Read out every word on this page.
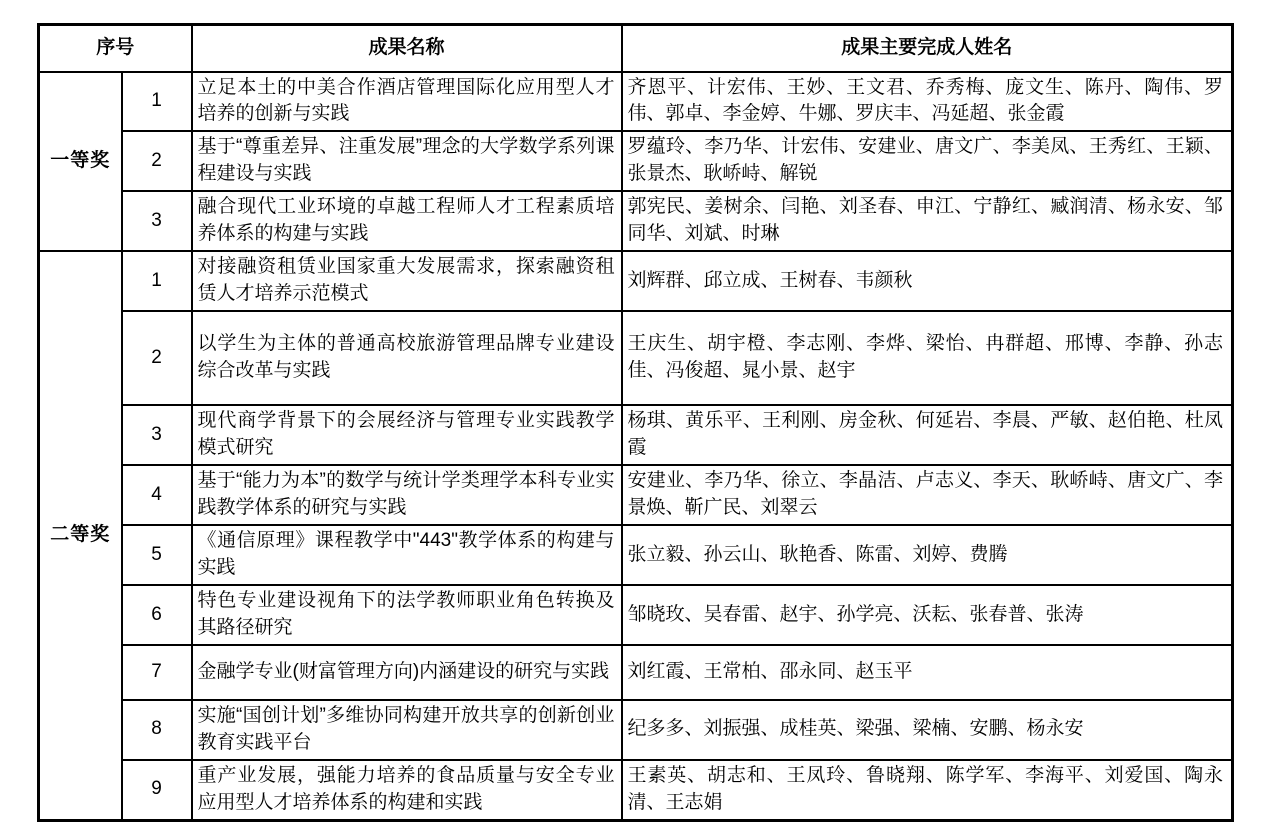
序号		成果名称	成果主要完成人姓名
一等奖	1	立足本土的中美合作酒店管理国际化应用型人才培养的创新与实践	齐恩平、计宏伟、王妙、王文君、乔秀梅、庞文生、陈丹、陶伟、罗伟、郭卓、李金婷、牛娜、罗庆丰、冯延超、张金霞
	2	基于“尊重差异、注重发展”理念的大学数学系列课程建设与实践	罗蕴玲、李乃华、计宏伟、安建业、唐文广、李美凤、王秀红、王颖、张景杰、耿峤峙、解锐
	3	融合现代工业环境的卓越工程师人才工程素质培养体系的构建与实践	郭宪民、姜树余、闫艳、刘圣春、申江、宁静红、臧润清、杨永安、邹同华、刘斌、时琳
二等奖	1	对接融资租赁业国家重大发展需求，探索融资租赁人才培养示范模式	刘辉群、邱立成、王树春、韦颜秋
	2	以学生为主体的普通高校旅游管理品牌专业建设综合改革与实践	王庆生、胡宇橙、李志刚、李烨、梁怡、冉群超、邢博、李静、孙志佳、冯俊超、晁小景、赵宇
	3	现代商学背景下的会展经济与管理专业实践教学模式研究	杨琪、黄乐平、王利刚、房金秋、何延岩、李晨、严敏、赵伯艳、杜凤霞
	4	基于“能力为本”的数学与统计学类理学本科专业实践教学体系的研究与实践	安建业、李乃华、徐立、李晶洁、卢志义、李天、耿峤峙、唐文广、李景焕、靳广民、刘翠云
	5	《通信原理》课程教学中"443"教学体系的构建与实践	张立毅、孙云山、耿艳香、陈雷、刘婷、费腾
	6	特色专业建设视角下的法学教师职业角色转换及其路径研究	邹晓玫、吴春雷、赵宇、孙学亮、沃耘、张春普、张涛
	7	金融学专业(财富管理方向)内涵建设的研究与实践	刘红霞、王常柏、邵永同、赵玉平
	8	实施“国创计划”多维协同构建开放共享的创新创业教育实践平台	纪多多、刘振强、成桂英、梁强、梁楠、安鹏、杨永安
	9	重产业发展，强能力培养的食品质量与安全专业应用型人才培养体系的构建和实践	王素英、胡志和、王凤玲、鲁晓翔、陈学军、李海平、刘爱国、陶永清、王志娟
